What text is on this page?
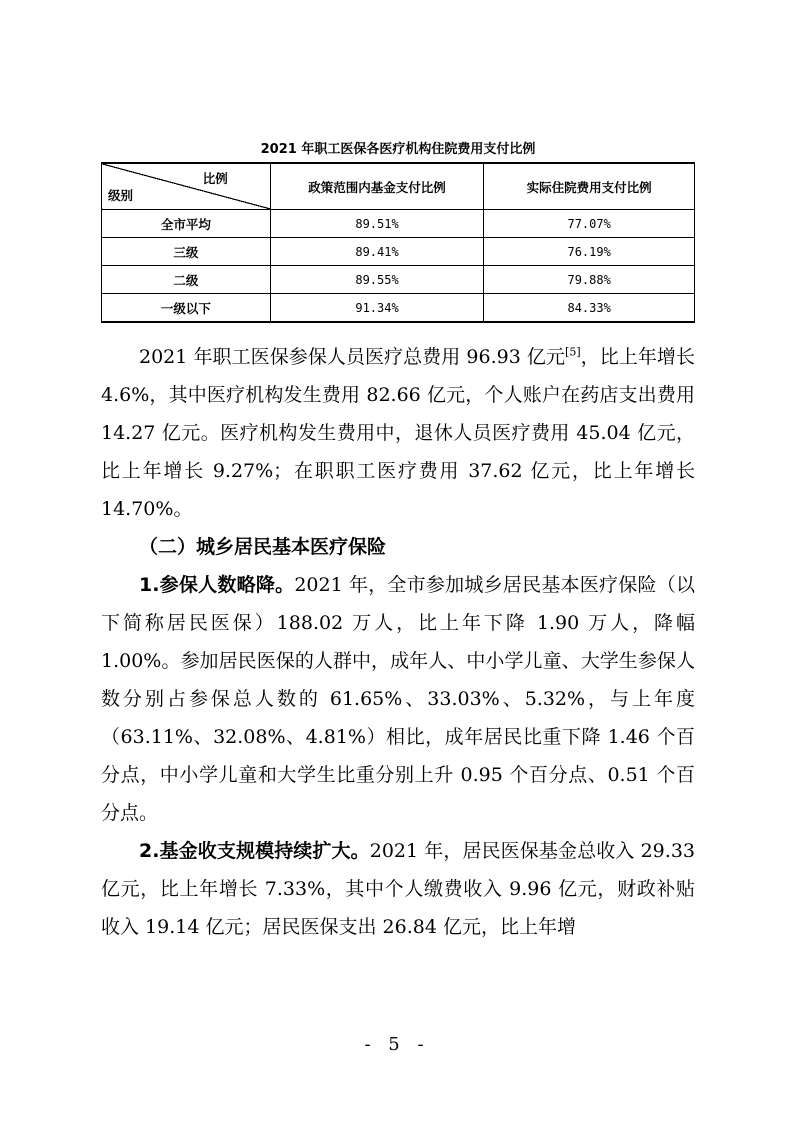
2021 年职工医保各医疗机构住院费用支付比例
比例
级别	政策范围内基金支付比例	实际住院费用支付比例
全市平均	89.51%	77.07%
三级	89.41%	76.19%
二级	89.55%	79.88%
一级以下	91.34%	84.33%

2021 年职工医保参保人员医疗总费用 96.93 亿元[5]，比上年增长 4.6%，其中医疗机构发生费用 82.66 亿元，个人账户在药店支出费用 14.27 亿元。医疗机构发生费用中，退休人员医疗费用 45.04 亿元，比上年增长 9.27%；在职职工医疗费用 37.62 亿元，比上年增长 14.70%。

（二）城乡居民基本医疗保险

1.参保人数略降。2021 年，全市参加城乡居民基本医疗保险（以下简称居民医保）188.02 万人，比上年下降 1.90 万人，降幅 1.00%。参加居民医保的人群中，成年人、中小学儿童、大学生参保人数分别占参保总人数的 61.65%、33.03%、5.32%，与上年度（63.11%、32.08%、4.81%）相比，成年居民比重下降 1.46 个百分点，中小学儿童和大学生比重分别上升 0.95 个百分点、0.51 个百分点。

2.基金收支规模持续扩大。2021 年，居民医保基金总收入 29.33 亿元，比上年增长 7.33%，其中个人缴费收入 9.96 亿元，财政补贴收入 19.14 亿元；居民医保支出 26.84 亿元，比上年增

- 5 -
